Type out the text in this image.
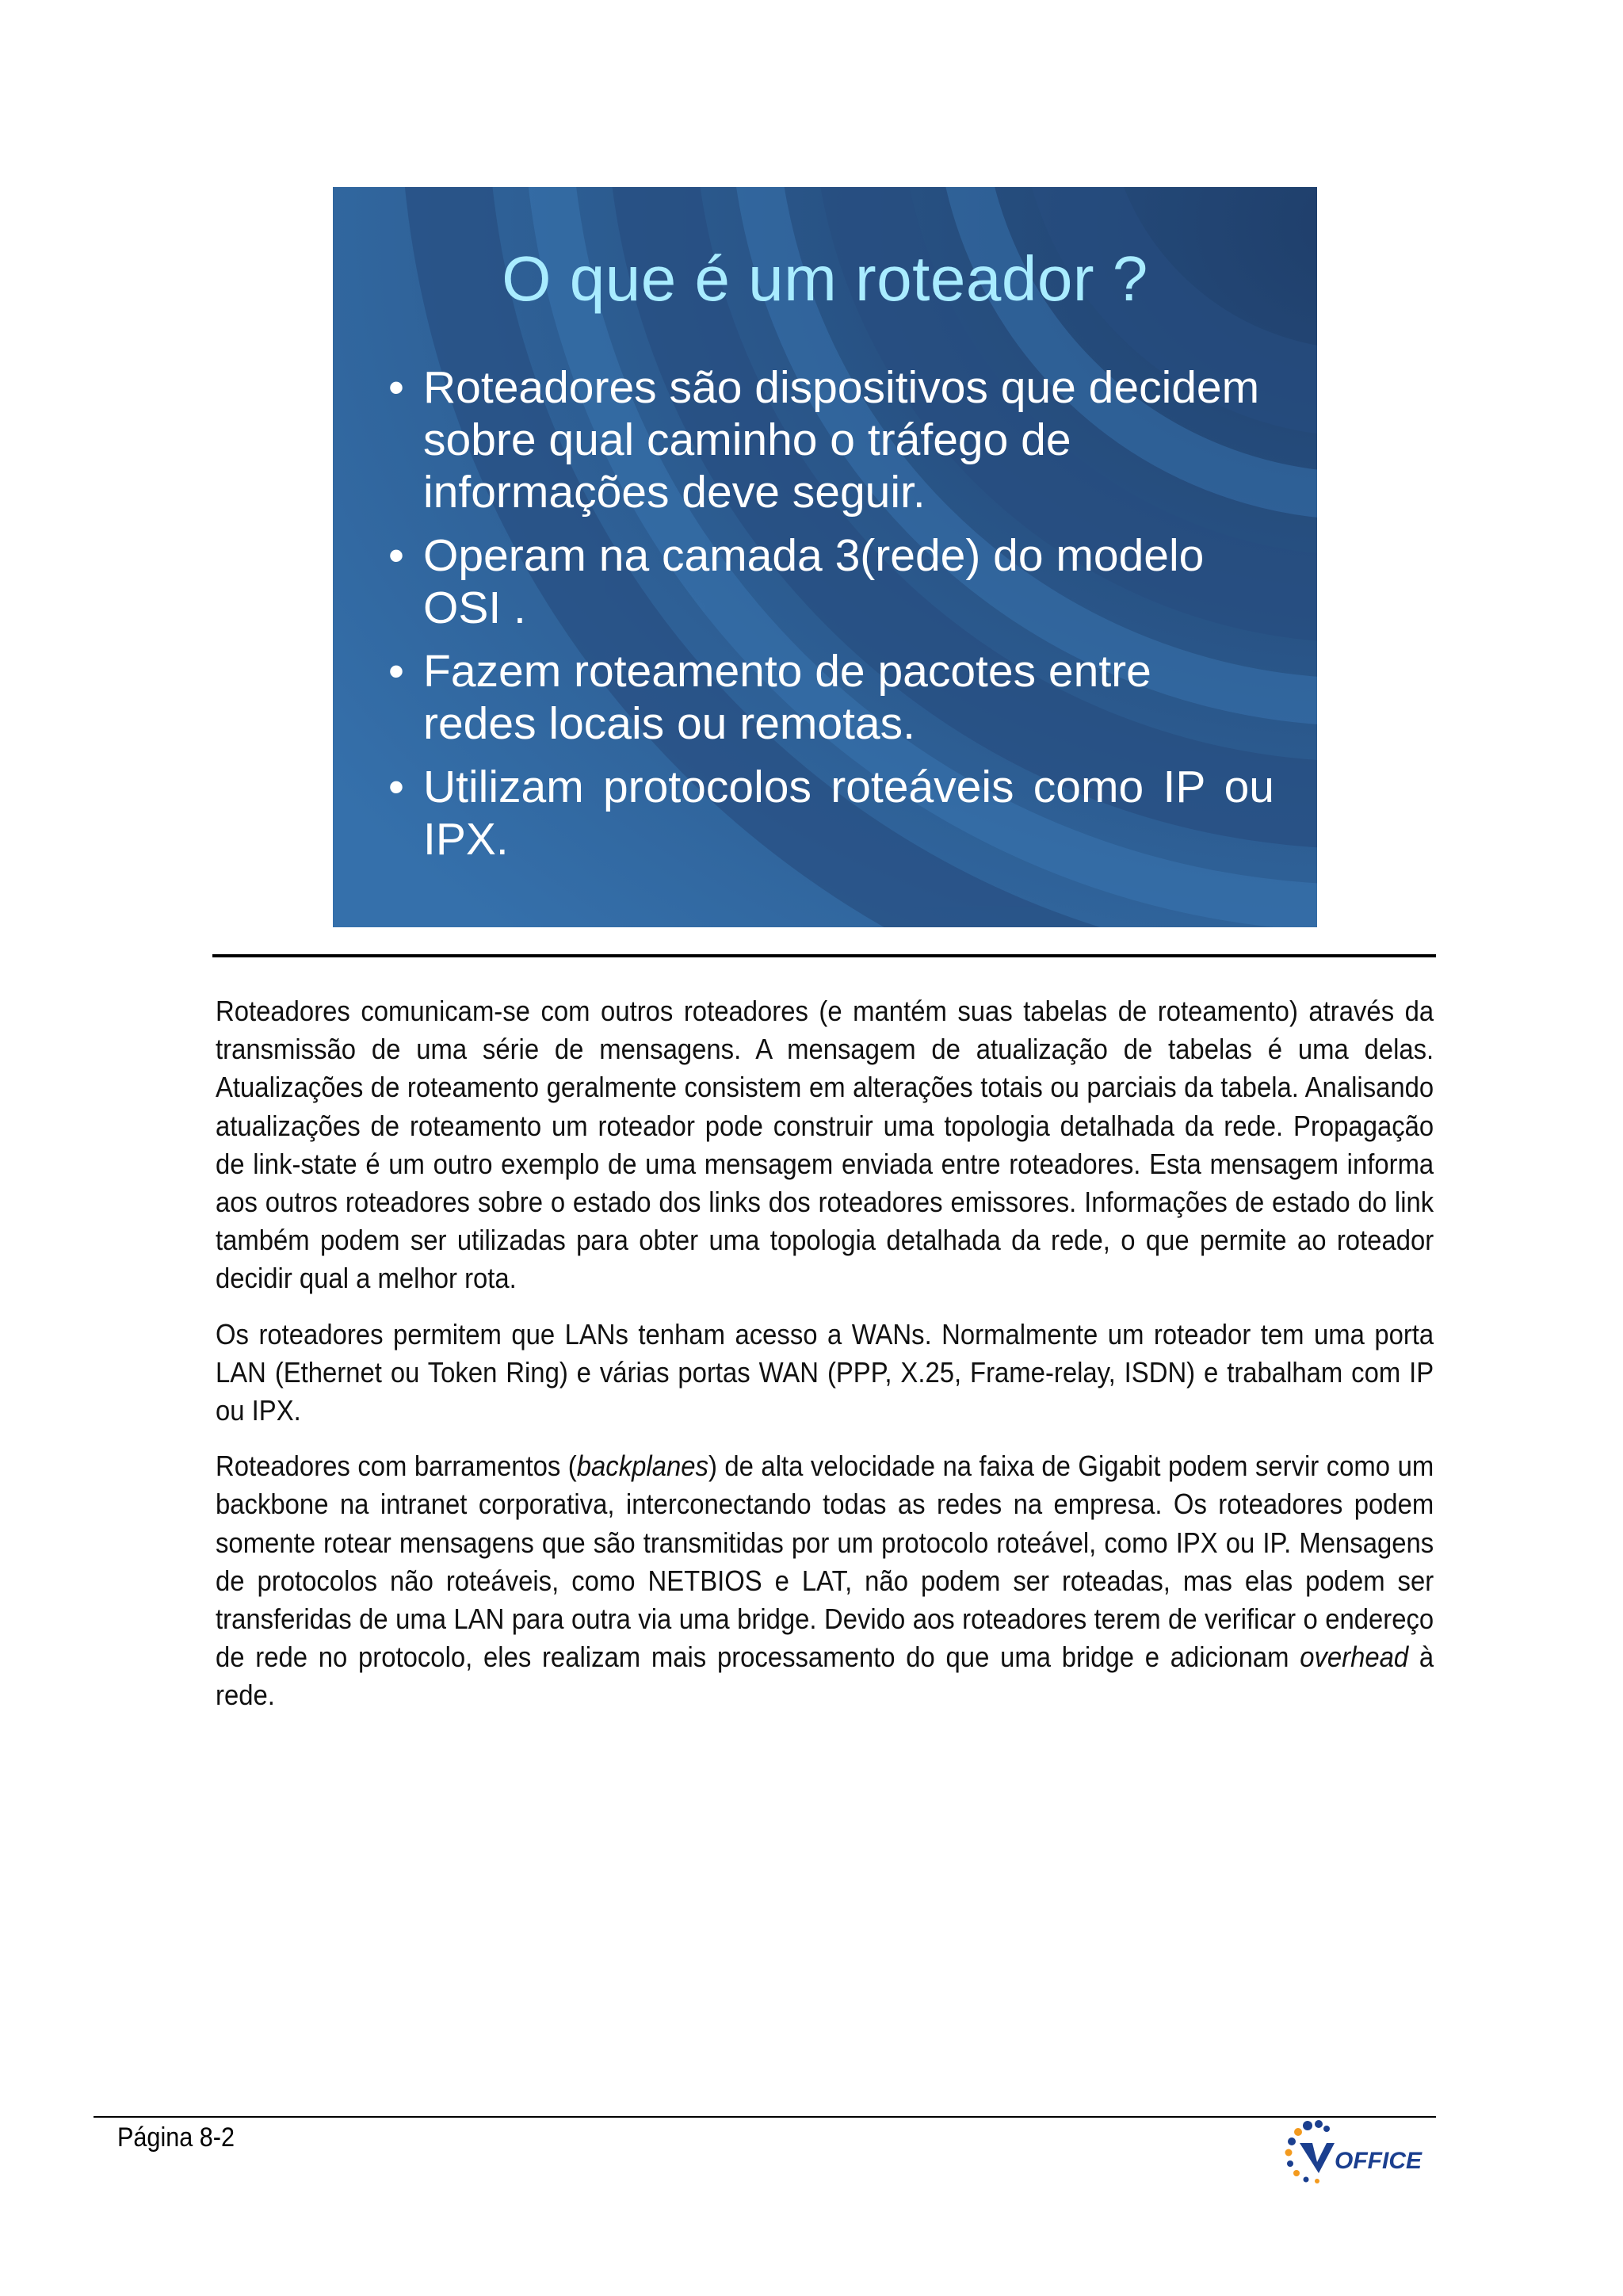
O que é um roteador ?
• Roteadores são dispositivos que decidem sobre qual caminho o tráfego de informações deve seguir.
• Operam na camada 3(rede) do modelo OSI .
• Fazem roteamento de pacotes entre redes locais ou remotas.
• Utilizam protocolos roteáveis como IP ou IPX.

Roteadores comunicam-se com outros roteadores (e mantém suas tabelas de roteamento) através da transmissão de uma série de mensagens. A mensagem de atualização de tabelas é uma delas. Atualizações de roteamento geralmente consistem em alterações totais ou parciais da tabela. Analisando atualizações de roteamento um roteador pode construir uma topologia detalhada da rede. Propagação de link-state é um outro exemplo de uma mensagem enviada entre roteadores. Esta mensagem informa aos outros roteadores sobre o estado dos links dos roteadores emissores. Informações de estado do link também podem ser utilizadas para obter uma topologia detalhada da rede, o que permite ao roteador decidir qual a melhor rota.

Os roteadores permitem que LANs tenham acesso a WANs. Normalmente um roteador tem uma porta LAN (Ethernet ou Token Ring) e várias portas WAN (PPP, X.25, Frame-relay, ISDN) e trabalham com IP ou IPX.

Roteadores com barramentos (backplanes) de alta velocidade na faixa de Gigabit podem servir como um backbone na intranet corporativa, interconectando todas as redes na empresa. Os roteadores podem somente rotear mensagens que são transmitidas por um protocolo roteável, como IPX ou IP. Mensagens de protocolos não roteáveis, como NETBIOS e LAT, não podem ser roteadas, mas elas podem ser transferidas de uma LAN para outra via uma bridge. Devido aos roteadores terem de verificar o endereço de rede no protocolo, eles realizam mais processamento do que uma bridge e adicionam overhead à rede.

Página 8-2
OFFICE
